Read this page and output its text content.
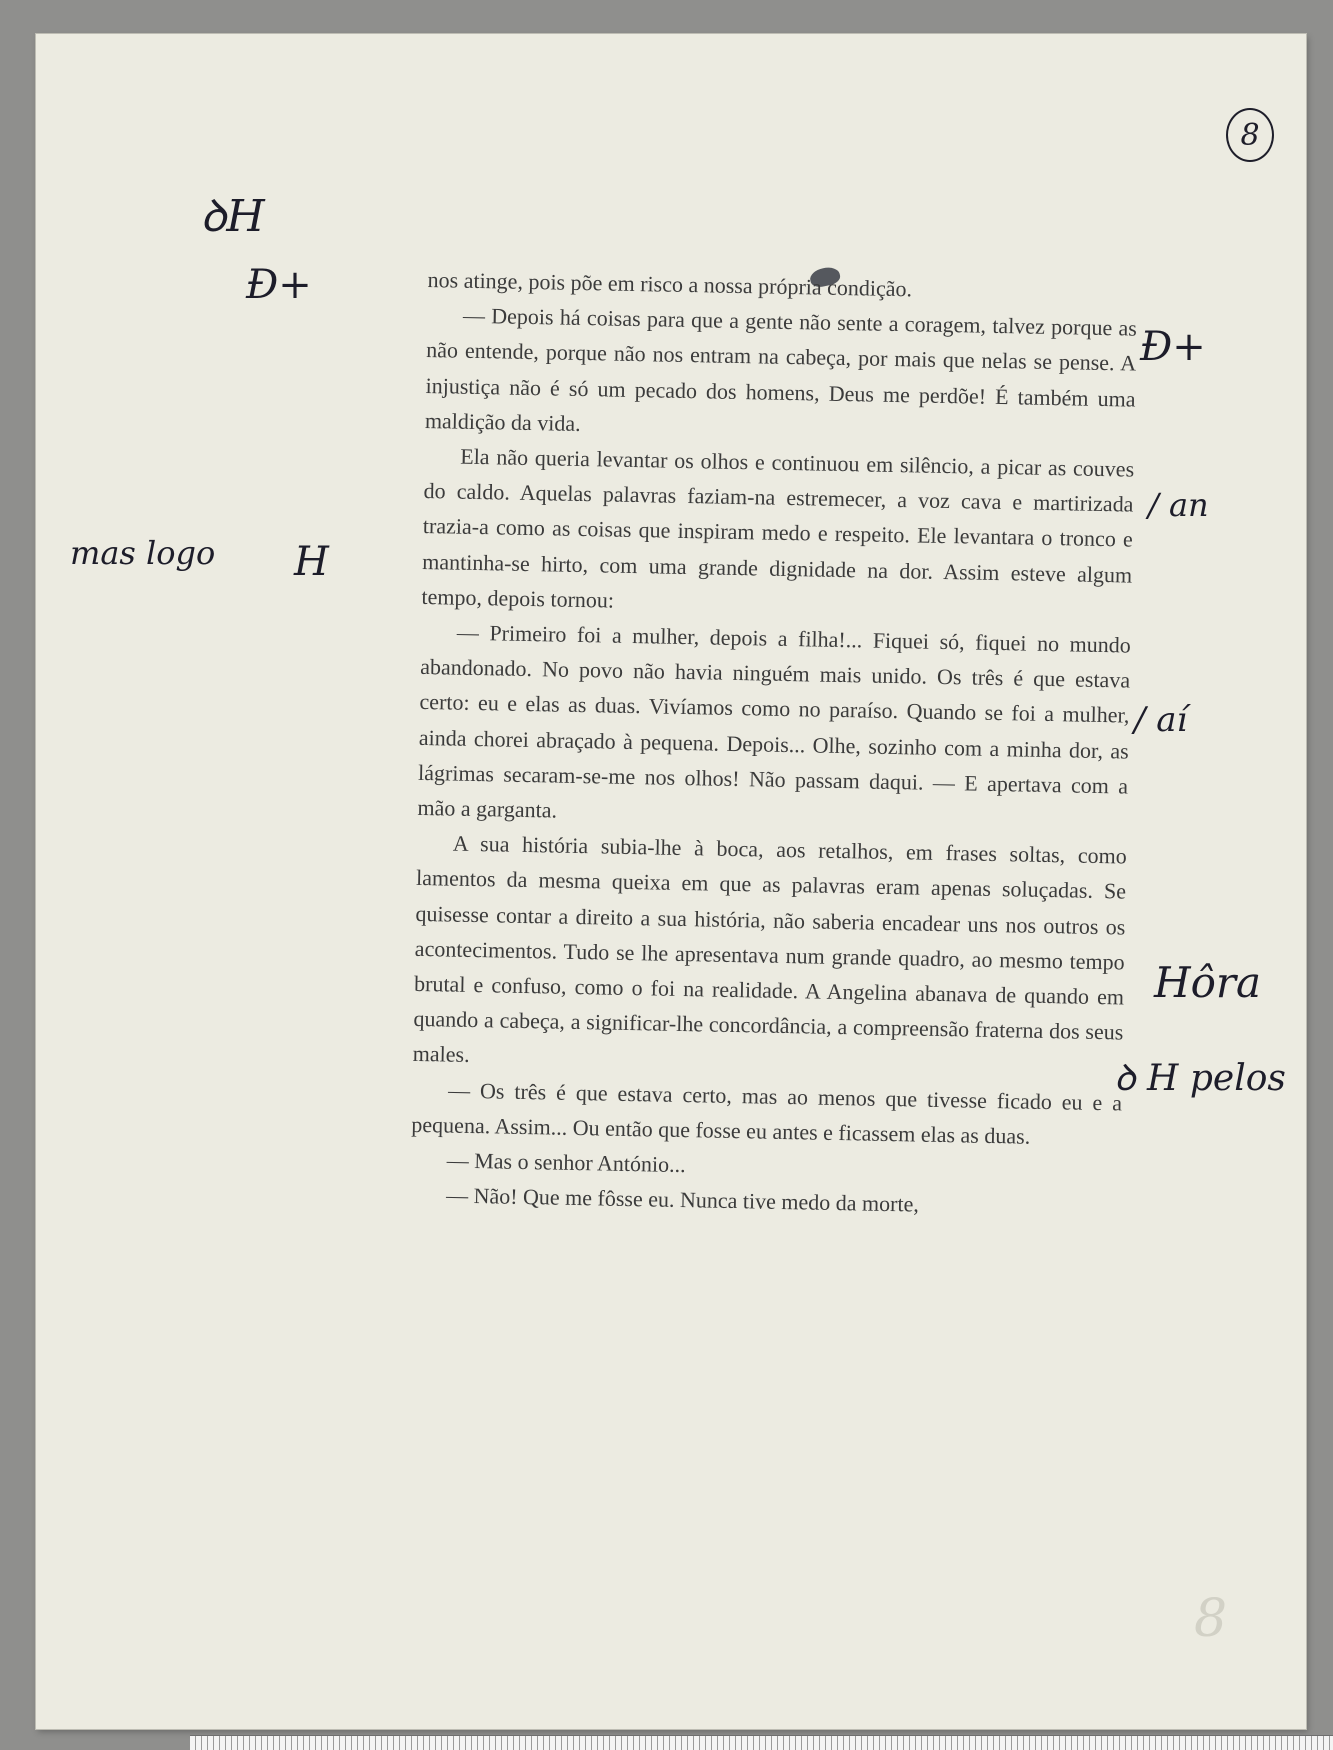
8

nos atinge, pois põe em risco a nossa própria condição.

— Depois há coisas para que a gente não sente a coragem, talvez porque as não entende, porque não nos entram na cabeça, por mais que nelas se pense. A injustiça não é só um pecado dos homens, Deus me perdõe! É também uma maldição da vida.

Ela não queria levantar os olhos e continuou em silêncio, a picar as couves do caldo. Aquelas palavras faziam-na estremecer, a voz cava e martirizada trazia-a como as coisas que inspiram medo e respeito. Ele levantara o tronco e mantinha-se hirto, com uma grande dignidade na dor. Assim esteve algum tempo, depois tornou:

— Primeiro foi a mulher, depois a filha!... Fiquei só, fiquei no mundo abandonado. No povo não havia ninguém mais unido. Os três é que estava certo: eu e elas as duas. Vivíamos como no paraíso. Quando se foi a mulher, ainda chorei abraçado à pequena. Depois... Olhe, sozinho com a minha dor, as lágrimas secaram-se-me nos olhos! Não passam daqui. — E apertava com a mão a garganta.

A sua história subia-lhe à boca, aos retalhos, em frases soltas, como lamentos da mesma queixa em que as palavras eram apenas soluçadas. Se quisesse contar a direito a sua história, não saberia encadear uns nos outros os acontecimentos. Tudo se lhe apresentava num grande quadro, ao mesmo tempo brutal e confuso, como o foi na realidade. A Angelina abanava de quando em quando a cabeça, a significar-lhe concordância, a compreensão fraterna dos seus males.

— Os três é que estava certo, mas ao menos que tivesse ficado eu e a pequena. Assim... Ou então que fosse eu antes e ficassem elas as duas.

— Mas o senhor António...

— Não! Que me fôsse eu. Nunca tive medo da morte,

ꝺH
Ɖ+
mas logo H
Ɖ+
/ an
/ aí
Hôra
ꝺ H pelos
8
